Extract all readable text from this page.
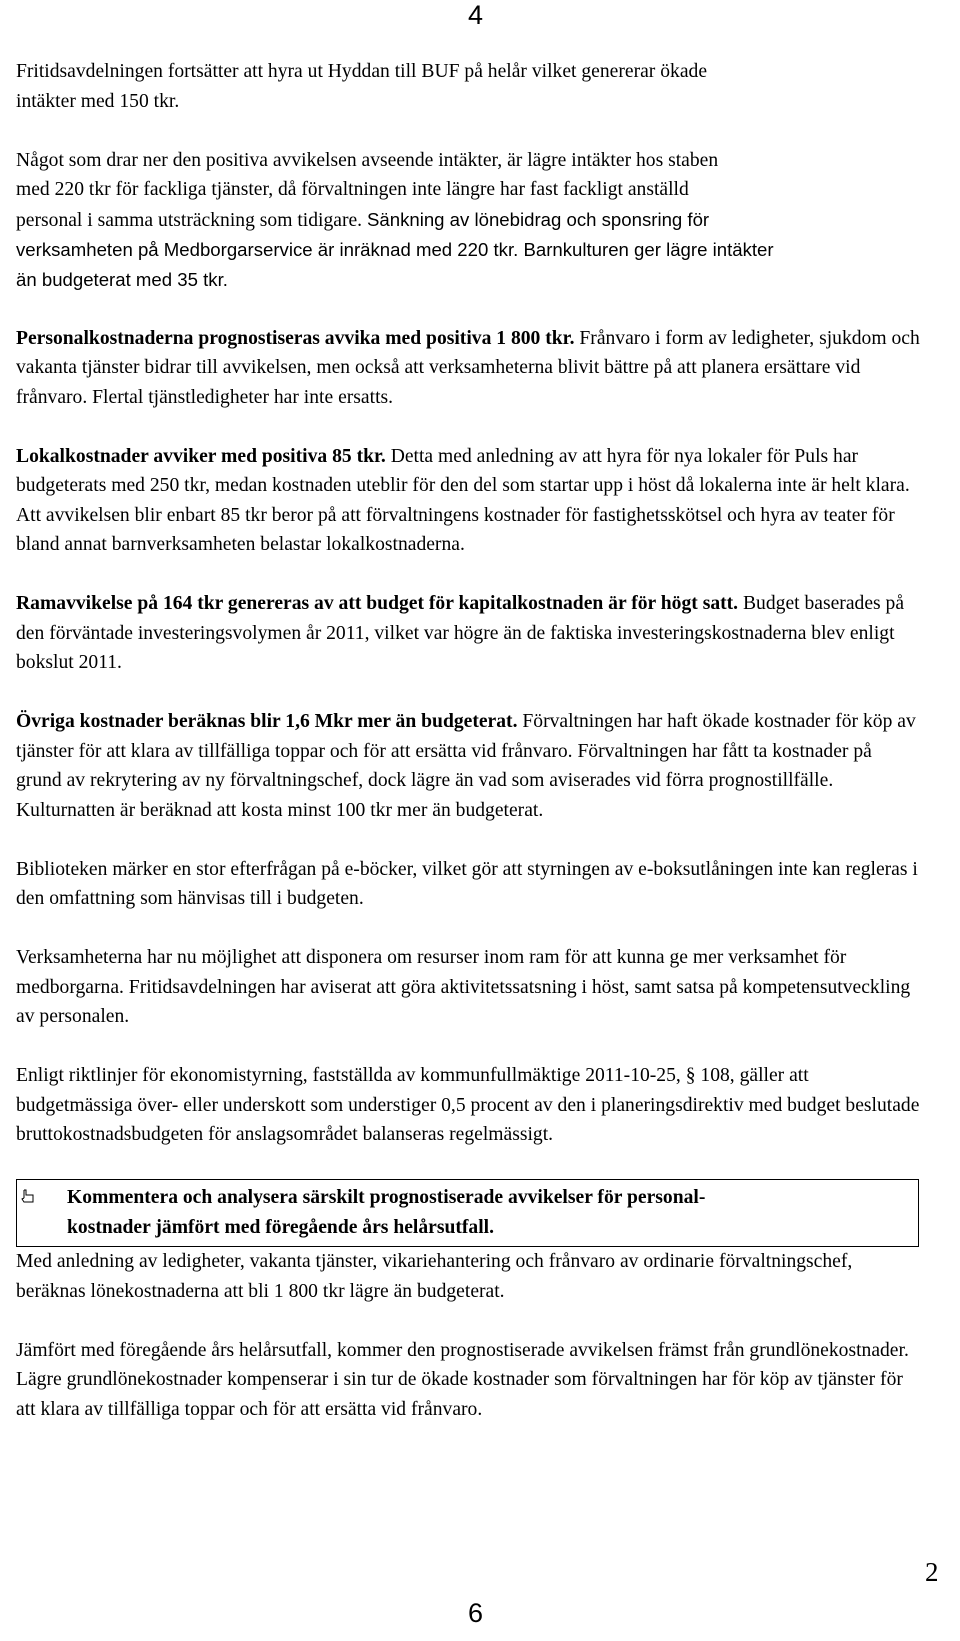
4

Fritidsavdelningen fortsätter att hyra ut Hyddan till BUF på helår vilket genererar ökade
intäkter med 150 tkr.

Något som drar ner den positiva avvikelsen avseende intäkter, är lägre intäkter hos staben
med 220 tkr för fackliga tjänster, då förvaltningen inte längre har fast fackligt anställd
personal i samma utsträckning som tidigare. Sänkning av lönebidrag och sponsring för
verksamheten på Medborgarservice är inräknad med 220 tkr. Barnkulturen ger lägre intäkter
än budgeterat med 35 tkr.

Personalkostnaderna prognostiseras avvika med positiva 1 800 tkr. Frånvaro i form av ledigheter, sjukdom och vakanta tjänster bidrar till avvikelsen, men också att verksamheterna blivit bättre på att planera ersättare vid frånvaro. Flertal tjänstledigheter har inte ersatts.

Lokalkostnader avviker med positiva 85 tkr. Detta med anledning av att hyra för nya lokaler för Puls har budgeterats med 250 tkr, medan kostnaden uteblir för den del som startar upp i höst då lokalerna inte är helt klara. Att avvikelsen blir enbart 85 tkr beror på att förvaltningens kostnader för fastighetsskötsel och hyra av teater för bland annat barnverksamheten belastar lokalkostnaderna.

Ramavvikelse på 164 tkr genereras av att budget för kapitalkostnaden är för högt satt. Budget baserades på den förväntade investeringsvolymen år 2011, vilket var högre än de faktiska investeringskostnaderna blev enligt bokslut 2011.

Övriga kostnader beräknas blir 1,6 Mkr mer än budgeterat. Förvaltningen har haft ökade kostnader för köp av tjänster för att klara av tillfälliga toppar och för att ersätta vid frånvaro. Förvaltningen har fått ta kostnader på grund av rekrytering av ny förvaltningschef, dock lägre än vad som aviserades vid förra prognostillfälle. Kulturnatten är beräknad att kosta minst 100 tkr mer än budgeterat.

Biblioteken märker en stor efterfrågan på e-böcker, vilket gör att styrningen av e-boksutlåningen inte kan regleras i den omfattning som hänvisas till i budgeten.

Verksamheterna har nu möjlighet att disponera om resurser inom ram för att kunna ge mer verksamhet för medborgarna. Fritidsavdelningen har aviserat att göra aktivitetssatsning i höst, samt satsa på kompetensutveckling av personalen.

Enligt riktlinjer för ekonomistyrning, fastställda av kommunfullmäktige 2011-10-25, § 108, gäller att budgetmässiga över- eller underskott som understiger 0,5 procent av den i planeringsdirektiv med budget beslutade bruttokostnadsbudgeten för anslagsområdet balanseras regelmässigt.

Kommentera och analysera särskilt prognostiserade avvikelser för personal-
kostnader jämfört med föregående års helårsutfall.

Med anledning av ledigheter, vakanta tjänster, vikariehantering och frånvaro av ordinarie förvaltningschef, beräknas lönekostnaderna att bli 1 800 tkr lägre än budgeterat.

Jämfört med föregående års helårsutfall, kommer den prognostiserade avvikelsen främst från grundlönekostnader. Lägre grundlönekostnader kompenserar i sin tur de ökade kostnader som förvaltningen har för köp av tjänster för att klara av tillfälliga toppar och för att ersätta vid frånvaro.

2
6
